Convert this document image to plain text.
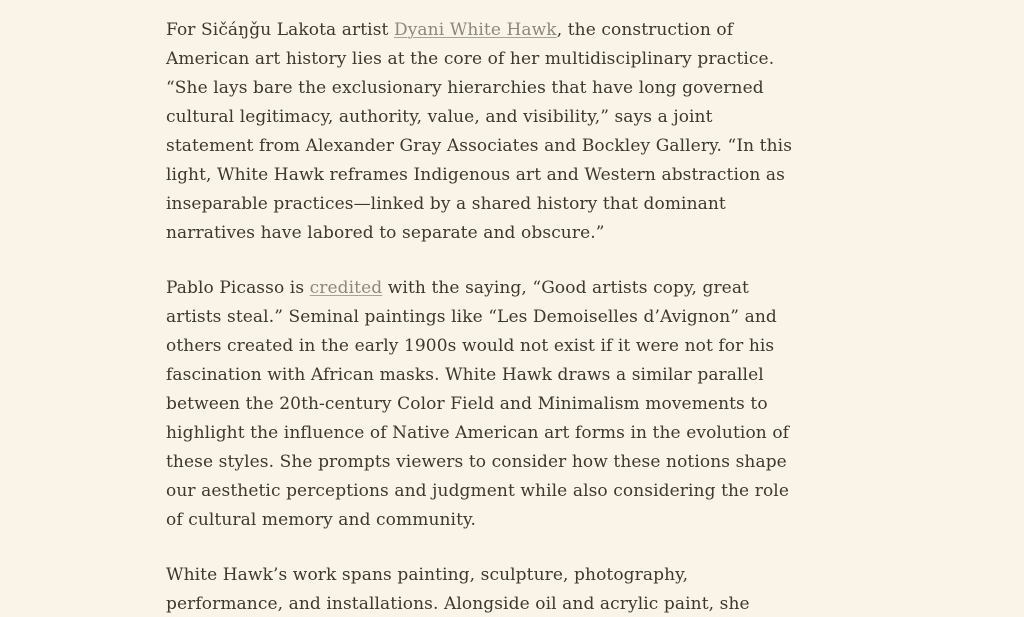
For Sičáŋǧu Lakota artist Dyani White Hawk, the construction of
American art history lies at the core of her multidisciplinary practice.
“She lays bare the exclusionary hierarchies that have long governed
cultural legitimacy, authority, value, and visibility,” says a joint
statement from Alexander Gray Associates and Bockley Gallery. “In this
light, White Hawk reframes Indigenous art and Western abstraction as
inseparable practices—linked by a shared history that dominant
narratives have labored to separate and obscure.”

Pablo Picasso is credited with the saying, “Good artists copy, great
artists steal.” Seminal paintings like “Les Demoiselles d’Avignon” and
others created in the early 1900s would not exist if it were not for his
fascination with African masks. White Hawk draws a similar parallel
between the 20th-century Color Field and Minimalism movements to
highlight the influence of Native American art forms in the evolution of
these styles. She prompts viewers to consider how these notions shape
our aesthetic perceptions and judgment while also considering the role
of cultural memory and community.

White Hawk’s work spans painting, sculpture, photography,
performance, and installations. Alongside oil and acrylic paint, she
